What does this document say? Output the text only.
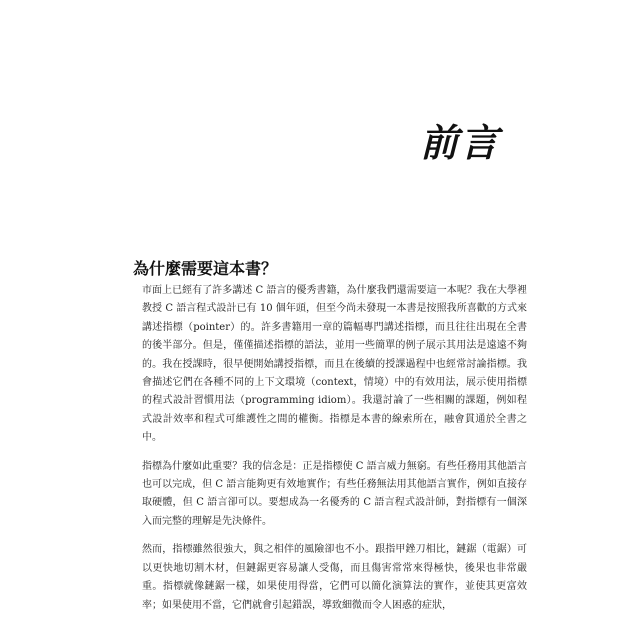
前言
為什麼需要這本書？

市面上已經有了許多講述 C 語言的優秀書籍，為什麼我們還需要這一本呢？我在大學裡教授 C 語言程式設計已有 10 個年頭，但至今尚未發現一本書是按照我所喜歡的方式來講述指標（pointer）的。許多書籍用一章的篇幅專門講述指標，而且往往出現在全書的後半部分。但是，僅僅描述指標的語法，並用一些簡單的例子展示其用法是遠遠不夠的。我在授課時，很早便開始講授指標，而且在後續的授課過程中也經常討論指標。我會描述它們在各種不同的上下文環境（context，情境）中的有效用法，展示使用指標的程式設計習慣用法（programming idiom）。我還討論了一些相關的課題，例如程式設計效率和程式可維護性之間的權衡。指標是本書的線索所在，融會貫通於全書之中。

指標為什麼如此重要？我的信念是：正是指標使 C 語言威力無窮。有些任務用其他語言也可以完成，但 C 語言能夠更有效地實作；有些任務無法用其他語言實作，例如直接存取硬體，但 C 語言卻可以。要想成為一名優秀的 C 語言程式設計師，對指標有一個深入而完整的理解是先決條件。

然而，指標雖然很強大，與之相伴的風險卻也不小。跟指甲銼刀相比，鏈鋸（電鋸）可以更快地切割木材，但鏈鋸更容易讓人受傷，而且傷害常常來得極快，後果也非常嚴重。指標就像鏈鋸一樣，如果使用得當，它們可以簡化演算法的實作，並使其更富效率；如果使用不當，它們就會引起錯誤，導致細微而令人困惑的症狀，
